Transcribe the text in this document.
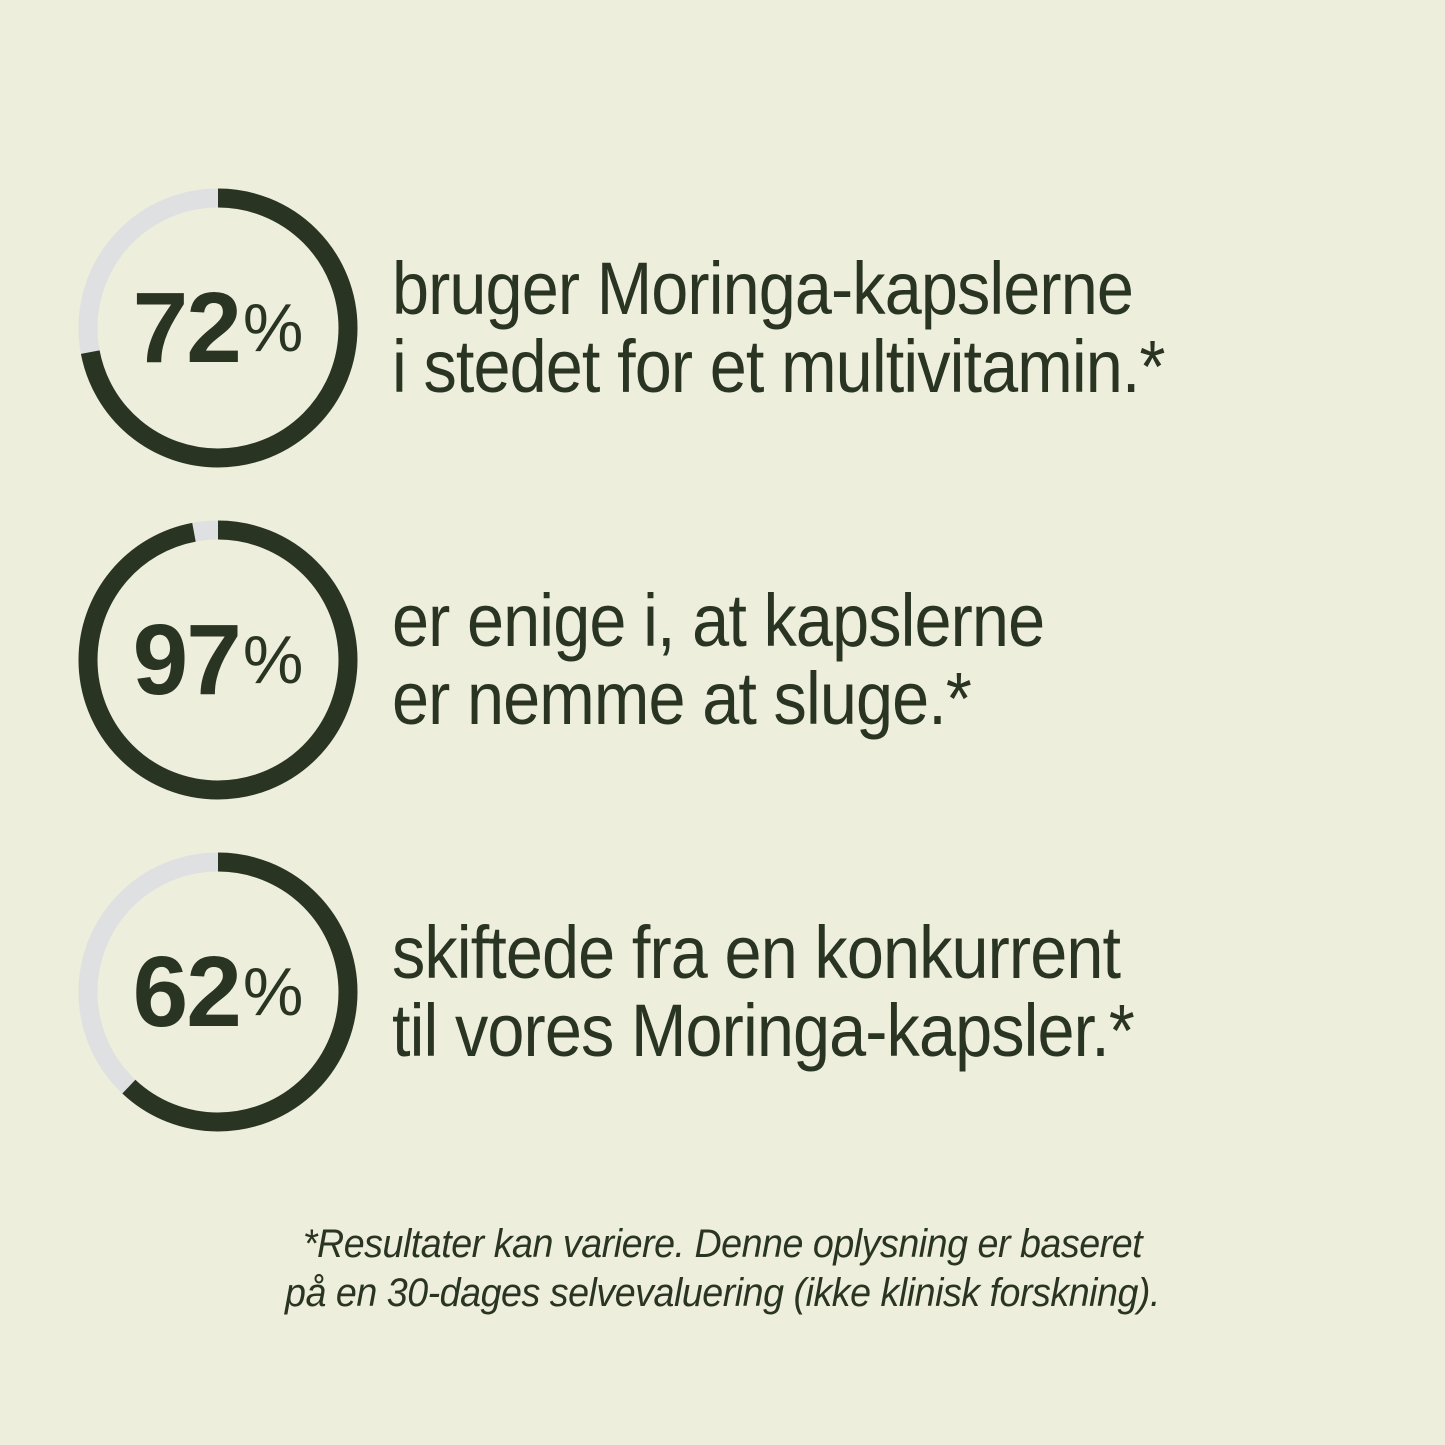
72 % bruger Moringa-kapslerne
i stedet for et multivitamin.*
97 % er enige i, at kapslerne
er nemme at sluge.*
62 % skiftede fra en konkurrent
til vores Moringa-kapsler.*
*Resultater kan variere. Denne oplysning er baseret
på en 30-dages selvevaluering (ikke klinisk forskning).
